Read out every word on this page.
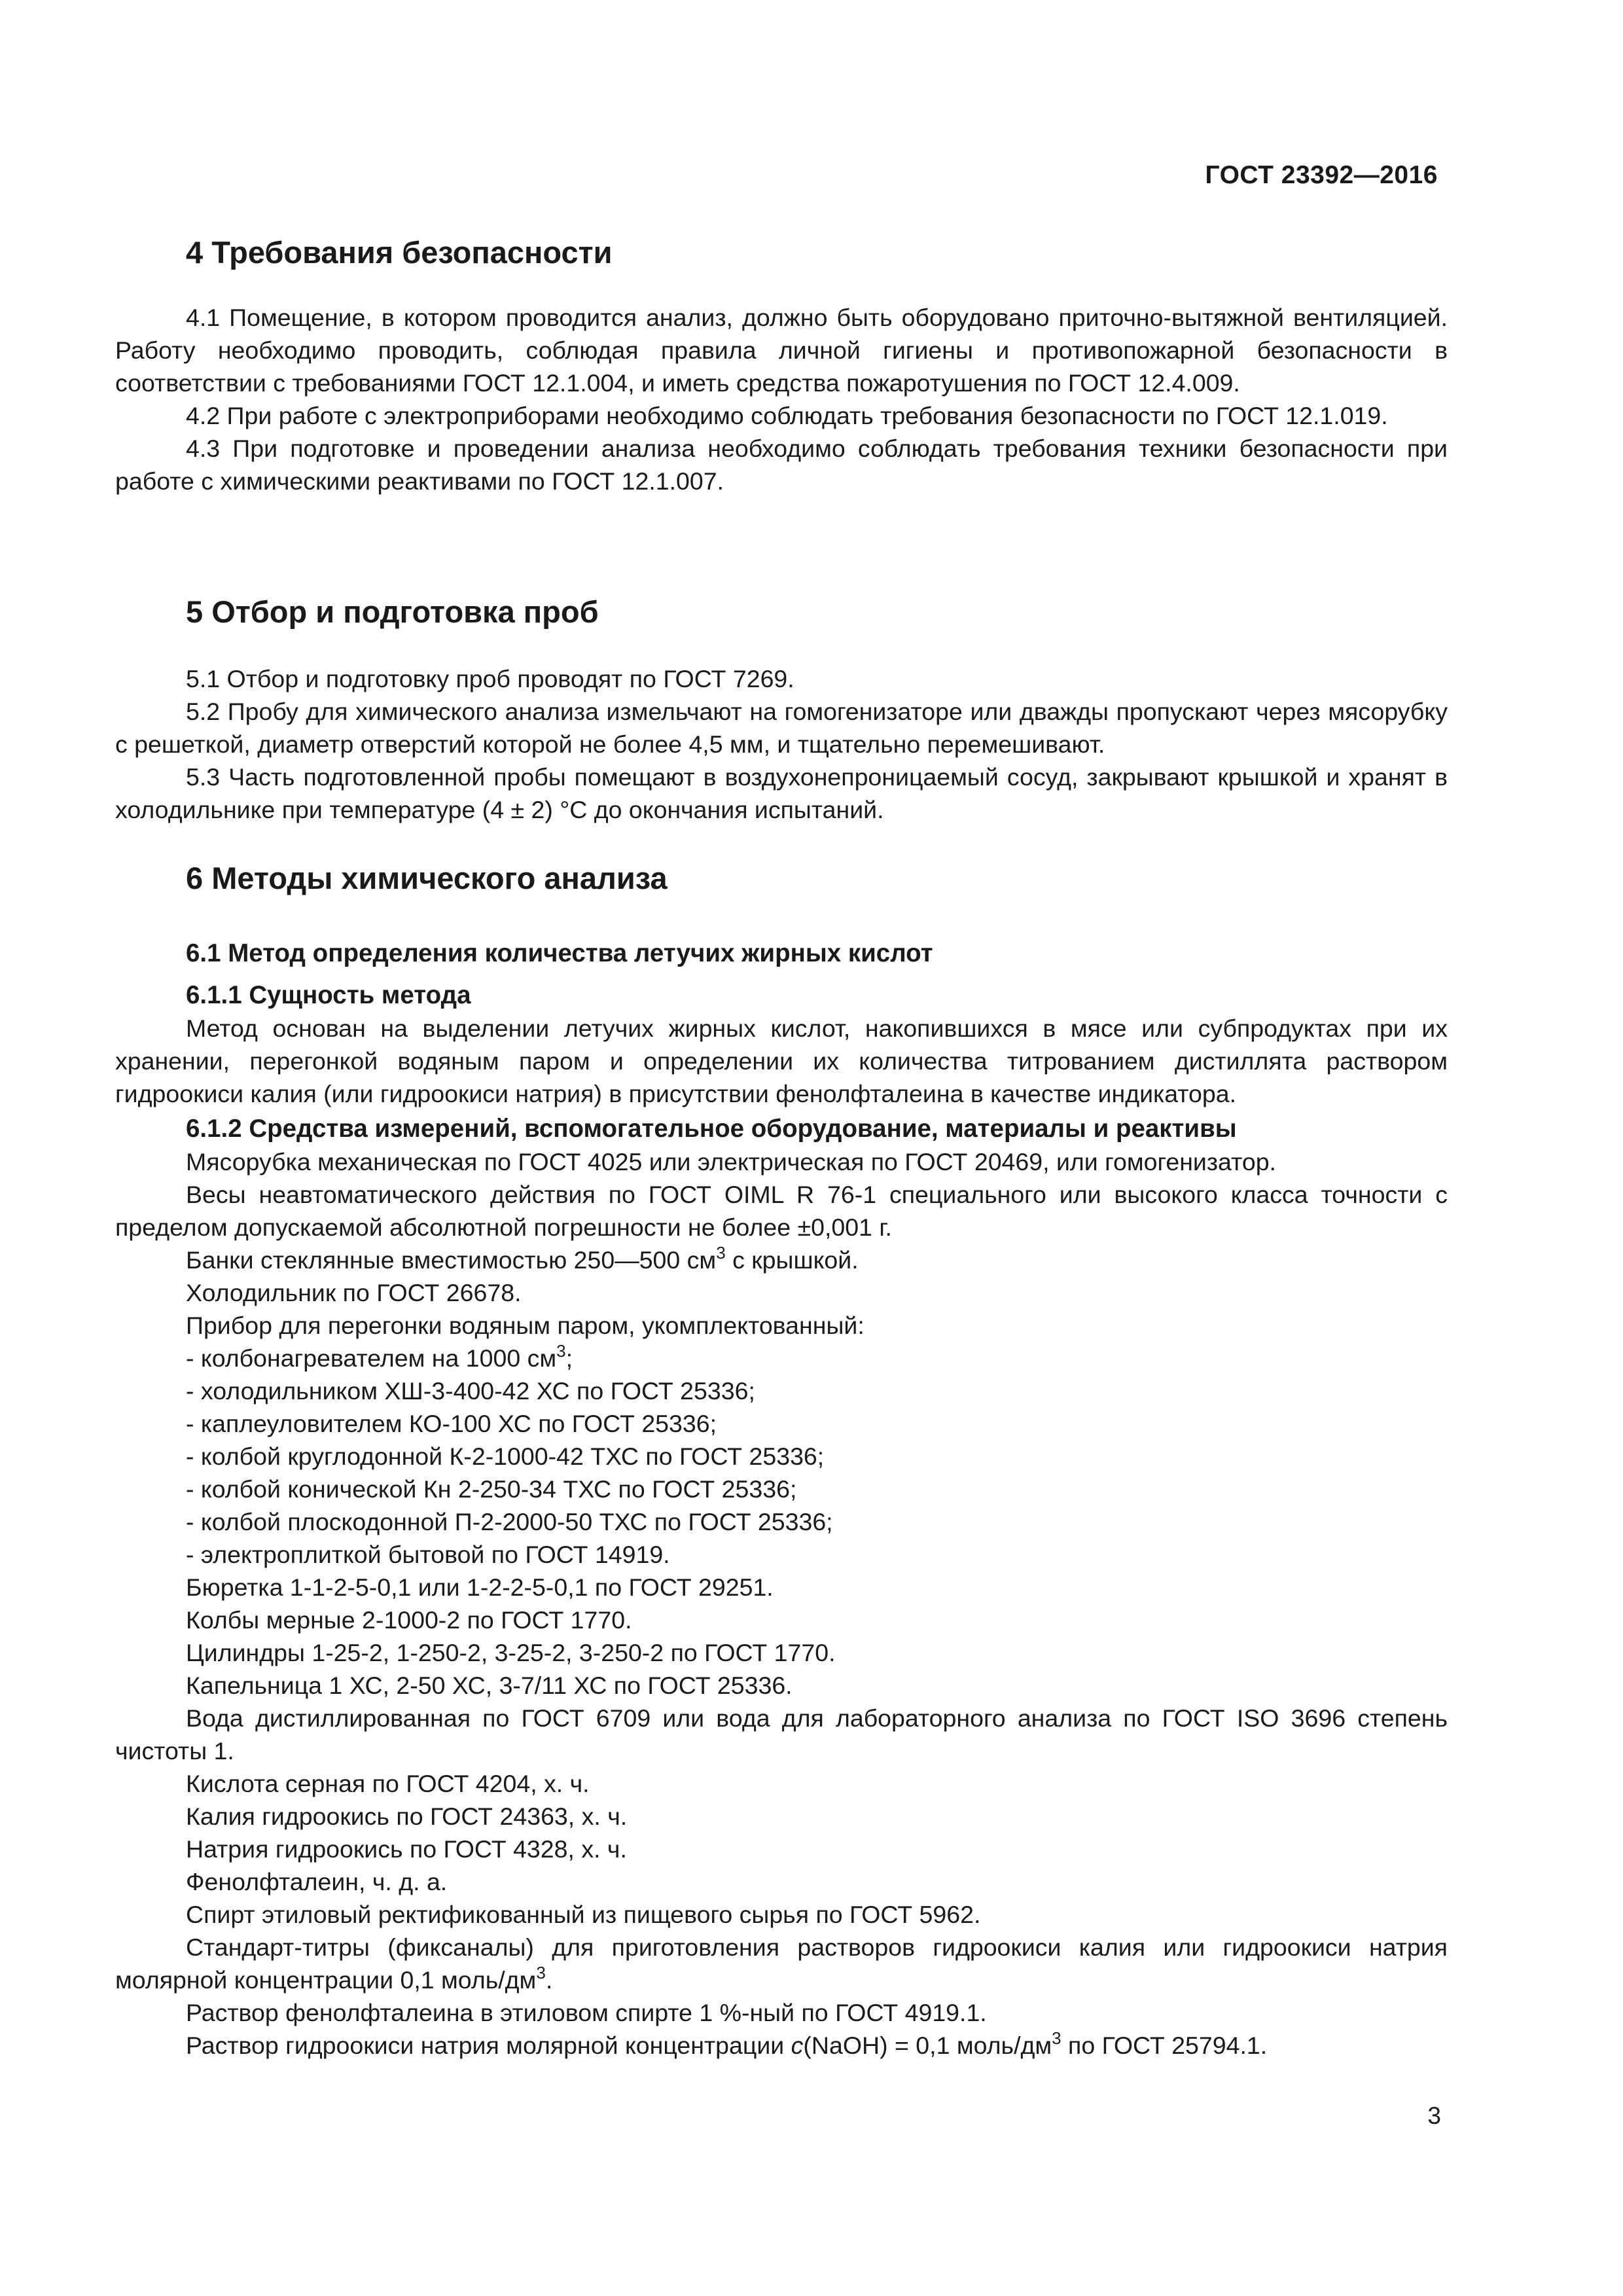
ГОСТ 23392—2016
4 Требования безопасности
4.1 Помещение, в котором проводится анализ, должно быть оборудовано приточно-вытяжной вентиляцией. Работу необходимо проводить, соблюдая правила личной гигиены и противопожарной безопасности в соответствии с требованиями ГОСТ 12.1.004, и иметь средства пожаротушения по ГОСТ 12.4.009.
4.2 При работе с электроприборами необходимо соблюдать требования безопасности по ГОСТ 12.1.019.
4.3 При подготовке и проведении анализа необходимо соблюдать требования техники безопасности при работе с химическими реактивами по ГОСТ 12.1.007.
5 Отбор и подготовка проб
5.1 Отбор и подготовку проб проводят по ГОСТ 7269.
5.2 Пробу для химического анализа измельчают на гомогенизаторе или дважды пропускают через мясорубку с решеткой, диаметр отверстий которой не более 4,5 мм, и тщательно перемешивают.
5.3 Часть подготовленной пробы помещают в воздухонепроницаемый сосуд, закрывают крышкой и хранят в холодильнике при температуре (4 ± 2) °C до окончания испытаний.
6 Методы химического анализа
6.1 Метод определения количества летучих жирных кислот
6.1.1 Сущность метода
Метод основан на выделении летучих жирных кислот, накопившихся в мясе или субпродуктах при их хранении, перегонкой водяным паром и определении их количества титрованием дистиллята раствором гидроокиси калия (или гидроокиси натрия) в присутствии фенолфталеина в качестве индикатора.
6.1.2 Средства измерений, вспомогательное оборудование, материалы и реактивы
Мясорубка механическая по ГОСТ 4025 или электрическая по ГОСТ 20469, или гомогенизатор.
Весы неавтоматического действия по ГОСТ OIML R 76-1 специального или высокого класса точности с пределом допускаемой абсолютной погрешности не более ±0,001 г.
Банки стеклянные вместимостью 250—500 $см^3$ с крышкой.
Холодильник по ГОСТ 26678.
Прибор для перегонки водяным паром, укомплектованный:
- колбонагревателем на 1000 $см^3$;
- холодильником ХШ-3-400-42 ХС по ГОСТ 25336;
- каплеуловителем КО-100 ХС по ГОСТ 25336;
- колбой круглодонной К-2-1000-42 ТХС по ГОСТ 25336;
- колбой конической Кн 2-250-34 ТХС по ГОСТ 25336;
- колбой плоскодонной П-2-2000-50 ТХС по ГОСТ 25336;
- электроплиткой бытовой по ГОСТ 14919.
Бюретка 1-1-2-5-0,1 или 1-2-2-5-0,1 по ГОСТ 29251.
Колбы мерные 2-1000-2 по ГОСТ 1770.
Цилиндры 1-25-2, 1-250-2, 3-25-2, 3-250-2 по ГОСТ 1770.
Капельница 1 ХС, 2-50 ХС, 3-7/11 ХС по ГОСТ 25336.
Вода дистиллированная по ГОСТ 6709 или вода для лабораторного анализа по ГОСТ ISO 3696 степень чистоты 1.
Кислота серная по ГОСТ 4204, х. ч.
Калия гидроокись по ГОСТ 24363, х. ч.
Натрия гидроокись по ГОСТ 4328, х. ч.
Фенолфталеин, ч. д. а.
Спирт этиловый ректификованный из пищевого сырья по ГОСТ 5962.
Стандарт-титры (фиксаналы) для приготовления растворов гидроокиси калия или гидроокиси натрия молярной концентрации 0,1 моль/$дм^3$.
Раствор фенолфталеина в этиловом спирте 1 %-ный по ГОСТ 4919.1.
Раствор гидроокиси натрия молярной концентрации c(NaOH) = 0,1 моль/$дм^3$ по ГОСТ 25794.1.
3
